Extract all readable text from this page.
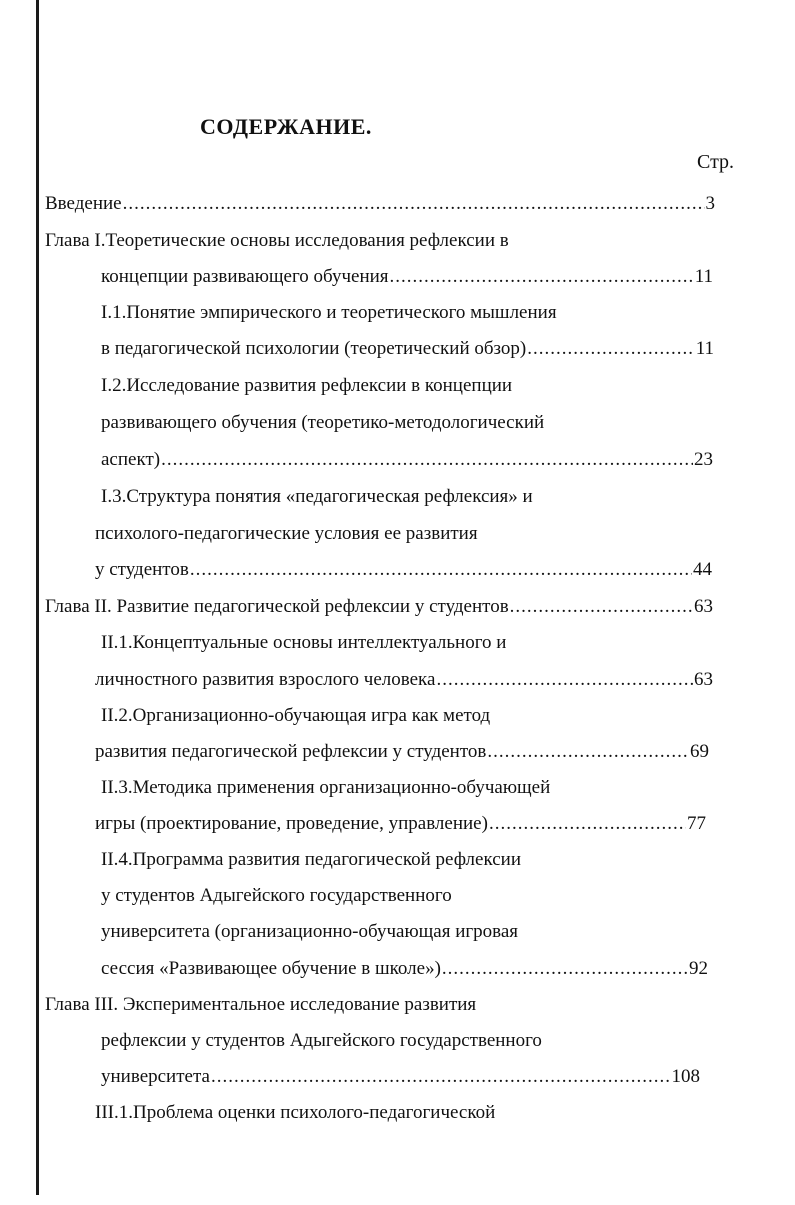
СОДЕРЖАНИЕ.
Стр.
Введение .....	3
Глава I.Теоретические основы исследования рефлексии в
концепции развивающего обучения .....	11
I.1.Понятие эмпирического и теоретического мышления
в педагогической психологии (теоретический обзор) .....	11
I.2.Исследование развития рефлексии в концепции
развивающего обучения (теоретико-методологический
аспект) .....	23
I.3.Структура понятия «педагогическая рефлексия» и
психолого-педагогические условия ее развития
у студентов .....	44
Глава II. Развитие педагогической рефлексии у студентов .....	63
II.1.Концептуальные основы интеллектуального и
личностного развития взрослого человека .....	63
II.2.Организационно-обучающая игра как метод
развития педагогической рефлексии у студентов .....	69
II.3.Методика применения организационно-обучающей
игры (проектирование, проведение, управление) .....	77
II.4.Программа развития педагогической рефлексии
у студентов Адыгейского государственного
университета (организационно-обучающая игровая
сессия «Развивающее обучение в школе») .....	92
Глава III. Экспериментальное исследование развития
рефлексии у студентов Адыгейского государственного
университета .....	108
III.1.Проблема оценки психолого-педагогической
